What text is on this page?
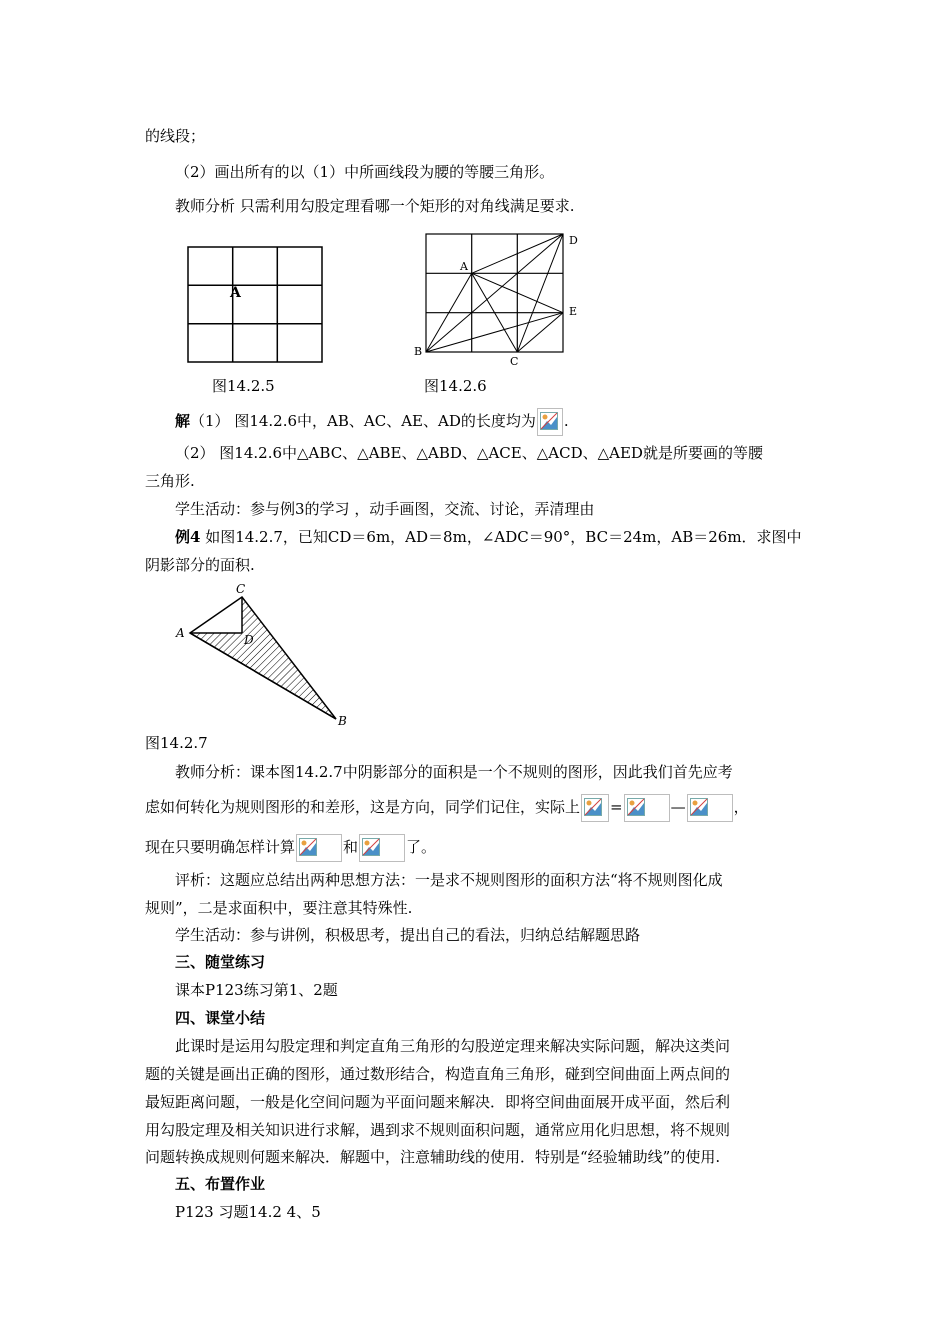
的线段；
（2）画出所有的以（1）中所画线段为腰的等腰三角形。
教师分析 只需利用勾股定理看哪一个矩形的对角线满足要求.
A
图14.2.5
A
B
C
D
E
图14.2.6
解（1） 图14.2.6中，AB、AC、AE、AD的长度均为 .
（2） 图14.2.6中△ABC、△ABE、△ABD、△ACE、△ACD、△AED就是所要画的等腰
三角形.
学生活动：参与例3的学习 ，动手画图，交流、讨论，弄清理由
例4 如图14.2.7，已知CD＝6m，AD＝8m，∠ADC＝90°，BC＝24m，AB＝26m．求图中
阴影部分的面积.
A
C
D
B
图14.2.7
教师分析：课本图14.2.7中阴影部分的面积是一个不规则的图形，因此我们首先应考
虑如何转化为规则图形的和差形，这是方向，同学们记住，实际上 =	—	，
现在只要明确怎样计算	和	了。
评析：这题应总结出两种思想方法：一是求不规则图形的面积方法“将不规则图化成
规则”，二是求面积中，要注意其特殊性.
学生活动：参与讲例，积极思考，提出自己的看法，归纳总结解题思路
三、随堂练习
课本P123练习第1、2题
四、课堂小结
此课时是运用勾股定理和判定直角三角形的勾股逆定理来解决实际问题，解决这类问
题的关键是画出正确的图形，通过数形结合，构造直角三角形，碰到空间曲面上两点间的
最短距离问题，一般是化空间问题为平面问题来解决．即将空间曲面展开成平面，然后利
用勾股定理及相关知识进行求解，遇到求不规则面积问题，通常应用化归思想，将不规则
问题转换成规则何题来解决．解题中，注意辅助线的使用．特别是“经验辅助线”的使用.
五、布置作业
P123 习题14.2 4、5
